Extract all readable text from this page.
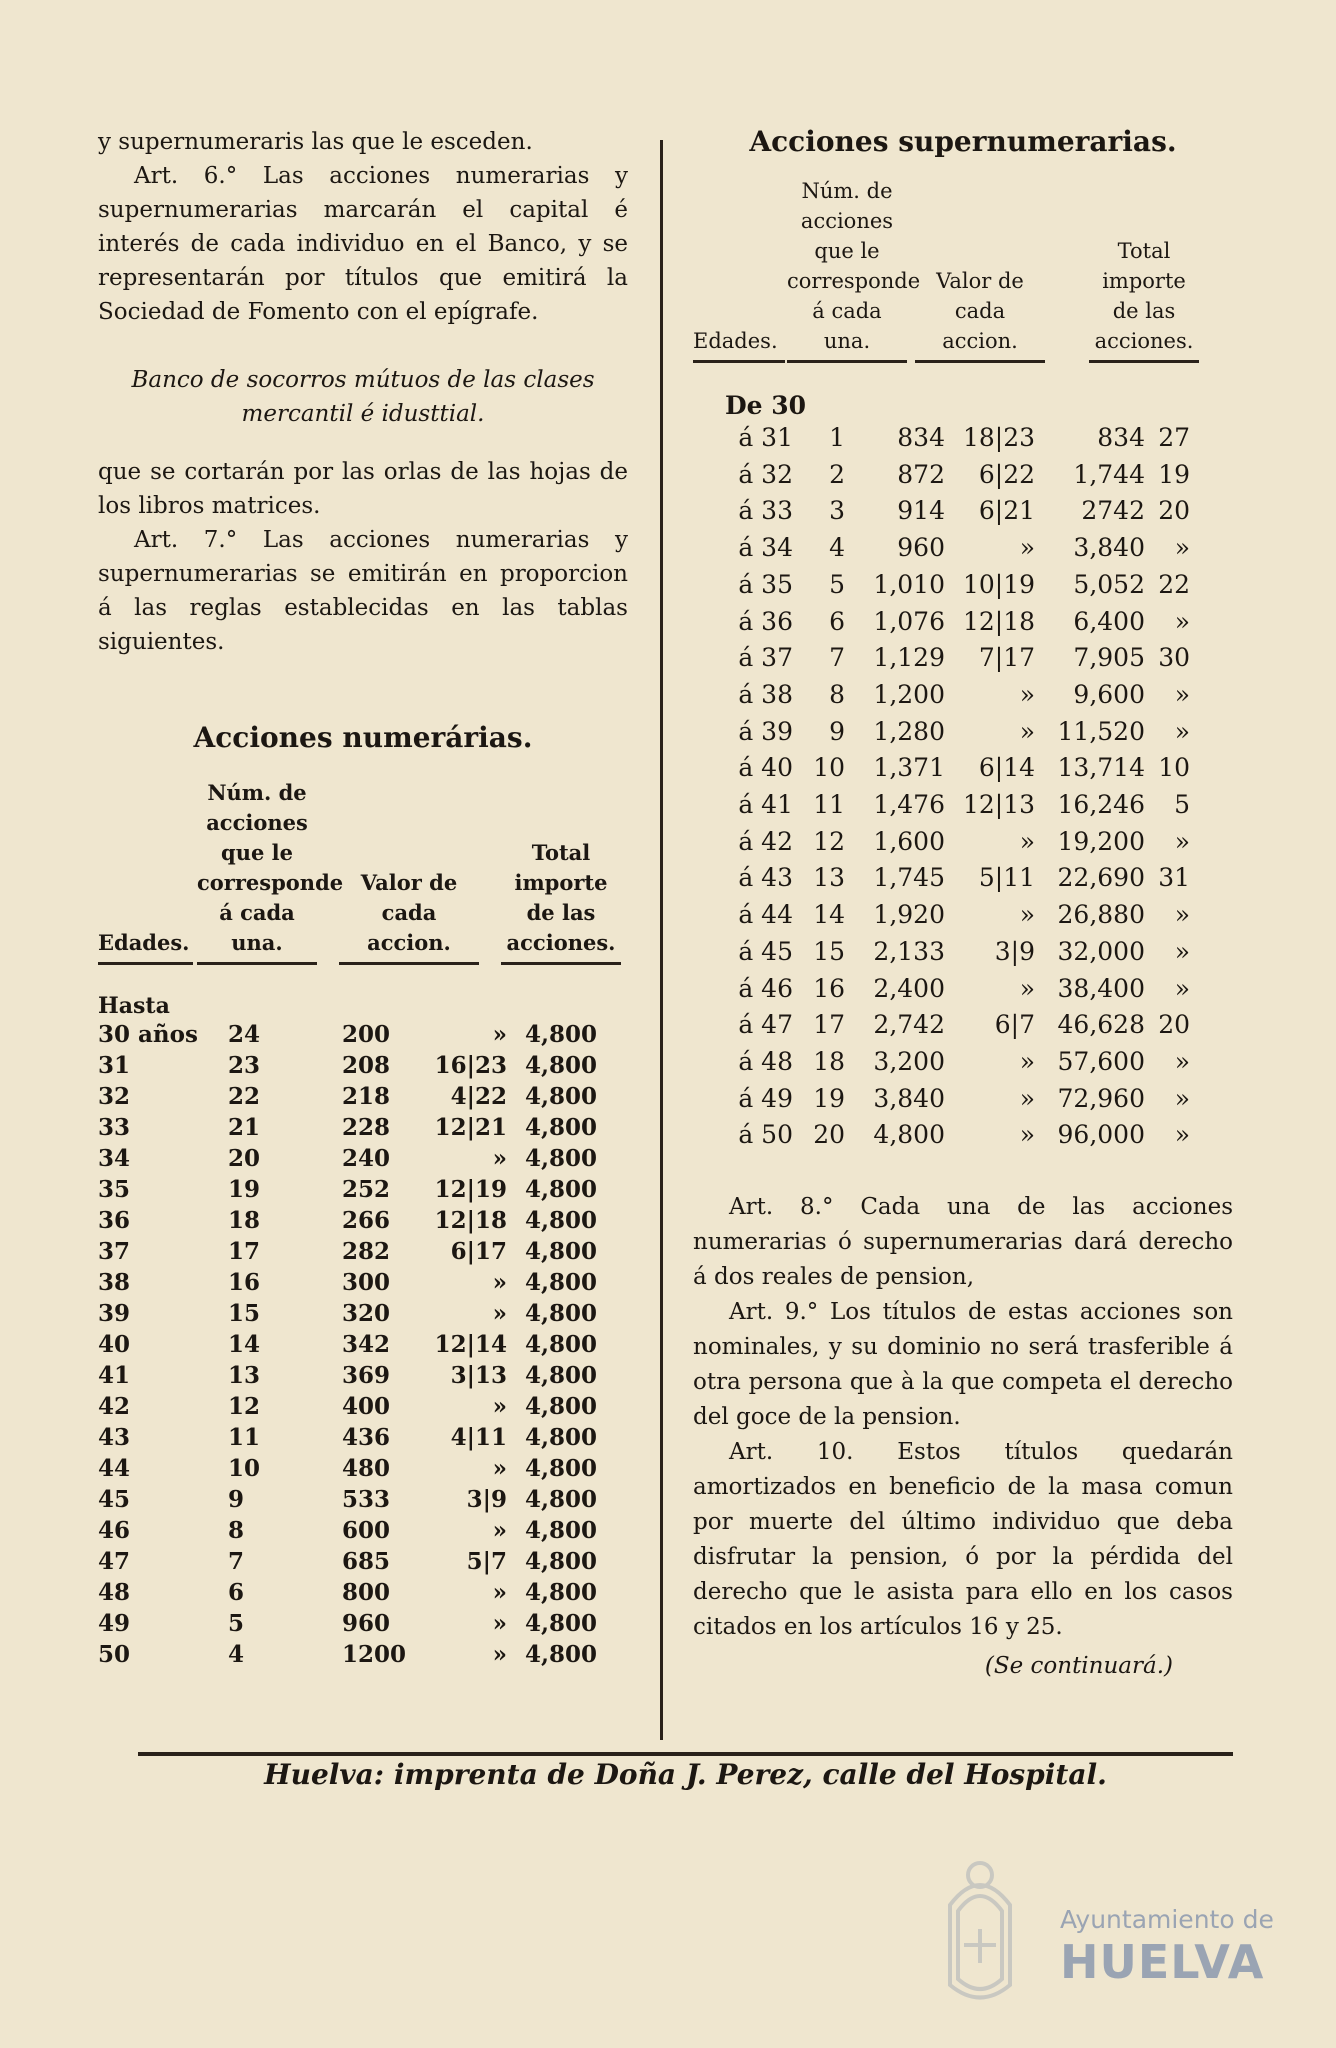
y supernumeraris las que le esceden.

Art. 6.° Las acciones numerarias y supernumerarias marcarán el capital é interés de cada individuo en el Banco, y se representarán por títulos que emitirá la Sociedad de Fomento con el epígrafe.

Banco de socorros mútuos de las clases mercantil é idusttial.

que se cortarán por las orlas de las hojas de los libros matrices.

Art. 7.° Las acciones numerarias y supernumerarias se emitirán en proporcion á las reglas establecidas en las tablas siguientes.

Acciones numerárias.
Edades.
Núm. de acciones que le corresponde á cada una.
Valor de cada accion.
Total importe de las acciones.
Hasta
30 años	24	200	»	4,800
31	23	208	16|23	4,800
32	22	218	4|22	4,800
33	21	228	12|21	4,800
34	20	240	»	4,800
35	19	252	12|19	4,800
36	18	266	12|18	4,800
37	17	282	6|17	4,800
38	16	300	»	4,800
39	15	320	»	4,800
40	14	342	12|14	4,800
41	13	369	3|13	4,800
42	12	400	»	4,800
43	11	436	4|11	4,800
44	10	480	»	4,800
45	9	533	3|9	4,800
46	8	600	»	4,800
47	7	685	5|7	4,800
48	6	800	»	4,800
49	5	960	»	4,800
50	4	1200	»	4,800
Acciones supernumerarias.
Edades.
Núm. de acciones que le corresponde á cada una.
Valor de cada accion.
Total importe de las acciones.
De 30
á 31	1	834	18|23	834	27
á 32	2	872	6|22	1,744	19
á 33	3	914	6|21	2742	20
á 34	4	960	»	3,840	»
á 35	5	1,010	10|19	5,052	22
á 36	6	1,076	12|18	6,400	»
á 37	7	1,129	7|17	7,905	30
á 38	8	1,200	»	9,600	»
á 39	9	1,280	»	11,520	»
á 40	10	1,371	6|14	13,714	10
á 41	11	1,476	12|13	16,246	5
á 42	12	1,600	»	19,200	»
á 43	13	1,745	5|11	22,690	31
á 44	14	1,920	»	26,880	»
á 45	15	2,133	3|9	32,000	»
á 46	16	2,400	»	38,400	»
á 47	17	2,742	6|7	46,628	20
á 48	18	3,200	»	57,600	»
á 49	19	3,840	»	72,960	»
á 50	20	4,800	»	96,000	»

Art. 8.° Cada una de las acciones numerarias ó supernumerarias dará derecho á dos reales de pension,

Art. 9.° Los títulos de estas acciones son nominales, y su dominio no será trasferible á otra persona que à la que competa el derecho del goce de la pension.

Art. 10. Estos títulos quedarán amortizados en beneficio de la masa comun por muerte del último individuo que deba disfrutar la pension, ó por la pérdida del derecho que le asista para ello en los casos citados en los artículos 16 y 25.

(Se continuará.)

Huelva: imprenta de Doña J. Perez, calle del Hospital.
Ayuntamiento de
HUELVA
